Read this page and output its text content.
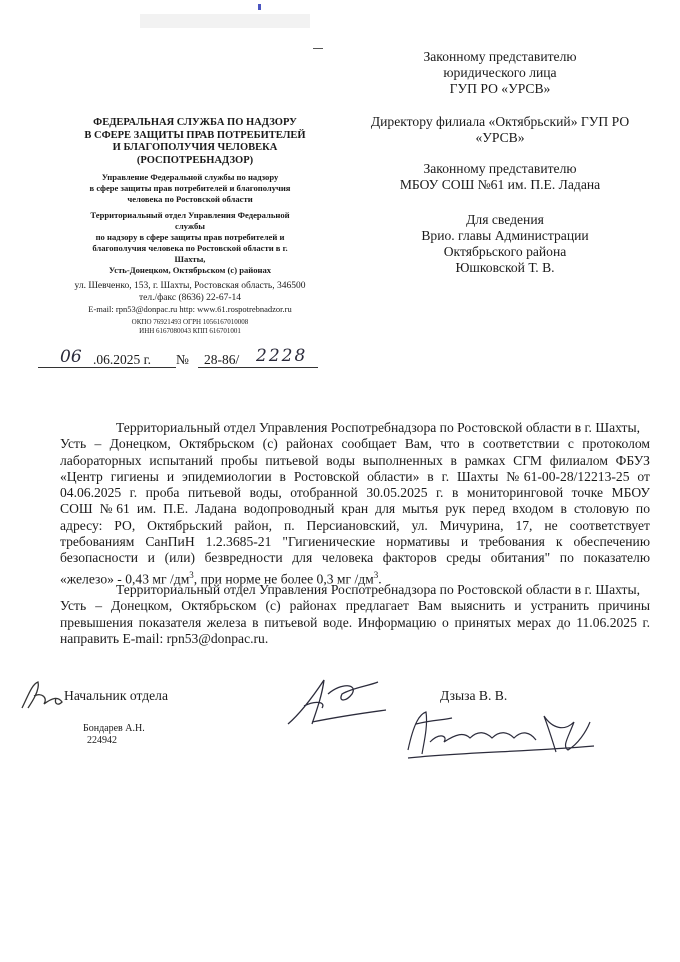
ФЕДЕРАЛЬНАЯ СЛУЖБА ПО НАДЗОРУ
В СФЕРЕ ЗАЩИТЫ ПРАВ ПОТРЕБИТЕЛЕЙ
И БЛАГОПОЛУЧИЯ ЧЕЛОВЕКА
(РОСПОТРЕБНАДЗОР)
Управление Федеральной службы по надзору
в сфере защиты прав потребителей и благополучия
человека по Ростовской области
Территориальный отдел Управления Федеральной
службы
по надзору в сфере защиты прав потребителей и
благополучия человека по Ростовской области в г.
Шахты,
Усть-Донецком, Октябрьском (с) районах
ул. Шевченко, 153, г. Шахты, Ростовская область, 346500
тел./факс (8636) 22-67-14
E-mail: rpn53@donpac.ru http: www.61.rospotrebnadzor.ru
ОКПО 76921493 ОГРН 1056167010008
ИНН 6167080043 КПП 616701001
06 .06.2025 г. № 28-86/ 2228
Законному представителю
юридического лица
ГУП РО «УРСВ»
Директору филиала «Октябрьский» ГУП РО
«УРСВ»
Законному представителю
МБОУ СОШ №61 им. П.Е. Ладана
Для сведения
Врио. главы Администрации
Октябрьского района
Юшковской Т. В.
Территориальный отдел Управления Роспотребнадзора по Ростовской области в г. Шахты,
Усть – Донецком, Октябрьском (с) районах сообщает Вам, что в соответствии с протоколом
лабораторных испытаний пробы питьевой воды выполненных в рамках СГМ филиалом ФБУЗ
«Центр гигиены и эпидемиологии в Ростовской области» в г. Шахты №61-00-28/12213-25 от
04.06.2025 г. проба питьевой воды, отобранной 30.05.2025 г. в мониторинговой точке МБОУ
СОШ №61 им. П.Е. Ладана водопроводный кран для мытья рук перед входом в столовую по
адресу: РО, Октябрьский район, п. Персиановский, ул. Мичурина, 17, не соответствует
требованиям СанПиН 1.2.3685-21 "Гигиенические нормативы и требования к обеспечению
безопасности и (или) безвредности для человека факторов среды обитания" по показателю
«железо» - 0,43 мг $/дм^3$, при норме не более 0,3 мг $/дм^3$.
Территориальный отдел Управления Роспотребнадзора по Ростовской области в г. Шахты,
Усть – Донецком, Октябрьском (с) районах предлагает Вам выяснить и устранить причины
превышения показателя железа в питьевой воде. Информацию о принятых мерах до 11.06.2025 г.
направить E-mail: rpn53@donpac.ru.
Начальник отдела	Дзыза В. В.
Бондарев А.Н.
224942
